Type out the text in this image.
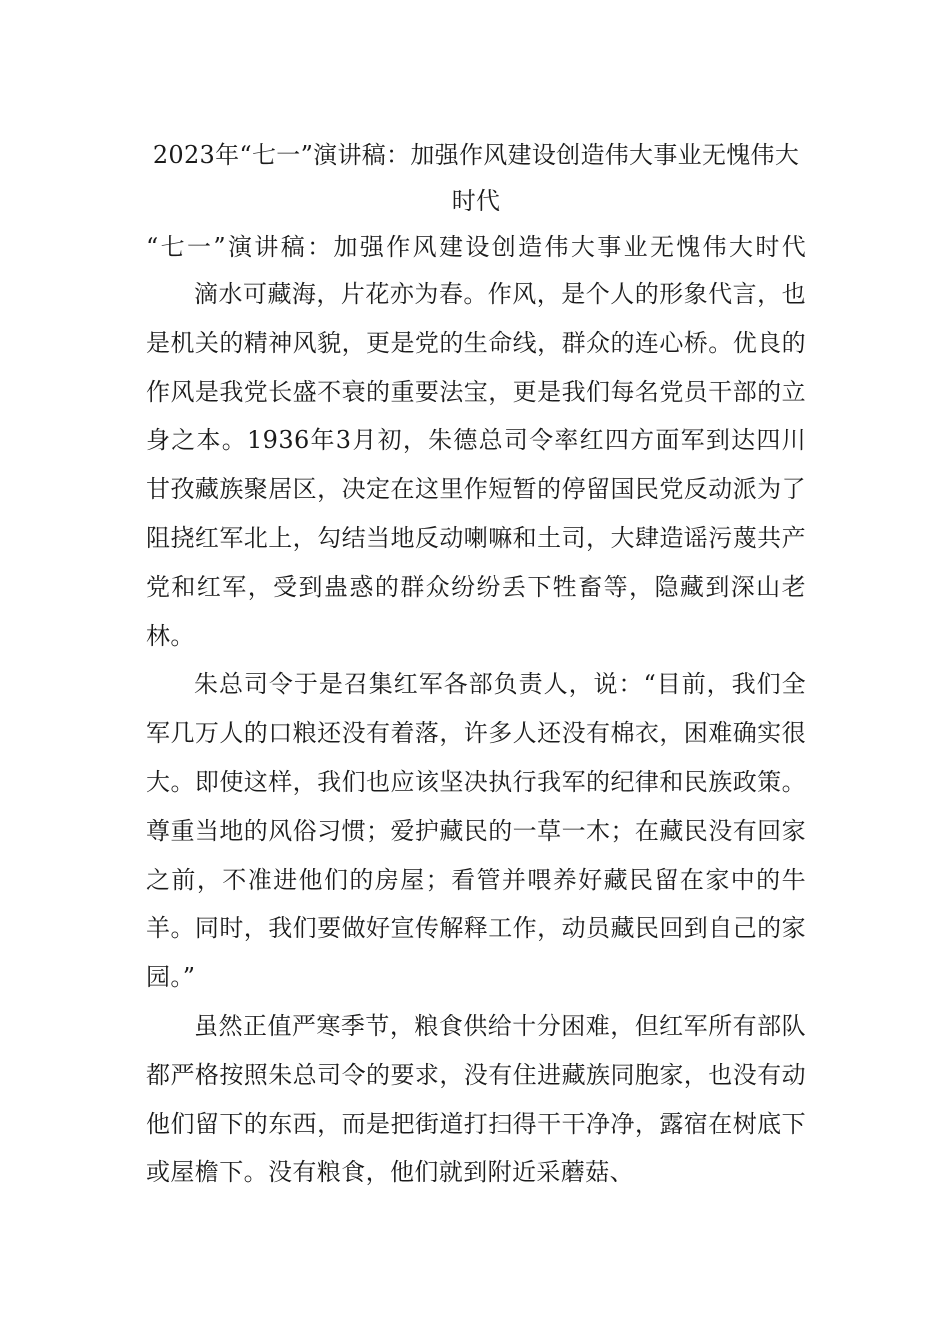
2023年“七一”演讲稿：加强作风建设创造伟大事业无愧伟大时代

“七一”演讲稿：加强作风建设创造伟大事业无愧伟大时代

滴水可藏海，片花亦为春。作风，是个人的形象代言，也是机关的精神风貌，更是党的生命线，群众的连心桥。优良的作风是我党长盛不衰的重要法宝，更是我们每名党员干部的立身之本。1936年3月初，朱德总司令率红四方面军到达四川甘孜藏族聚居区，决定在这里作短暂的停留国民党反动派为了阻挠红军北上，勾结当地反动喇嘛和土司，大肆造谣污蔑共产党和红军，受到蛊惑的群众纷纷丢下牲畜等，隐藏到深山老林。

朱总司令于是召集红军各部负责人，说：“目前，我们全军几万人的口粮还没有着落，许多人还没有棉衣，困难确实很大。即使这样，我们也应该坚决执行我军的纪律和民族政策。尊重当地的风俗习惯；爱护藏民的一草一木；在藏民没有回家之前，不准进他们的房屋；看管并喂养好藏民留在家中的牛羊。同时，我们要做好宣传解释工作，动员藏民回到自己的家园。”

虽然正值严寒季节，粮食供给十分困难，但红军所有部队都严格按照朱总司令的要求，没有住进藏族同胞家，也没有动他们留下的东西，而是把街道打扫得干干净净，露宿在树底下或屋檐下。没有粮食，他们就到附近采蘑菇、
